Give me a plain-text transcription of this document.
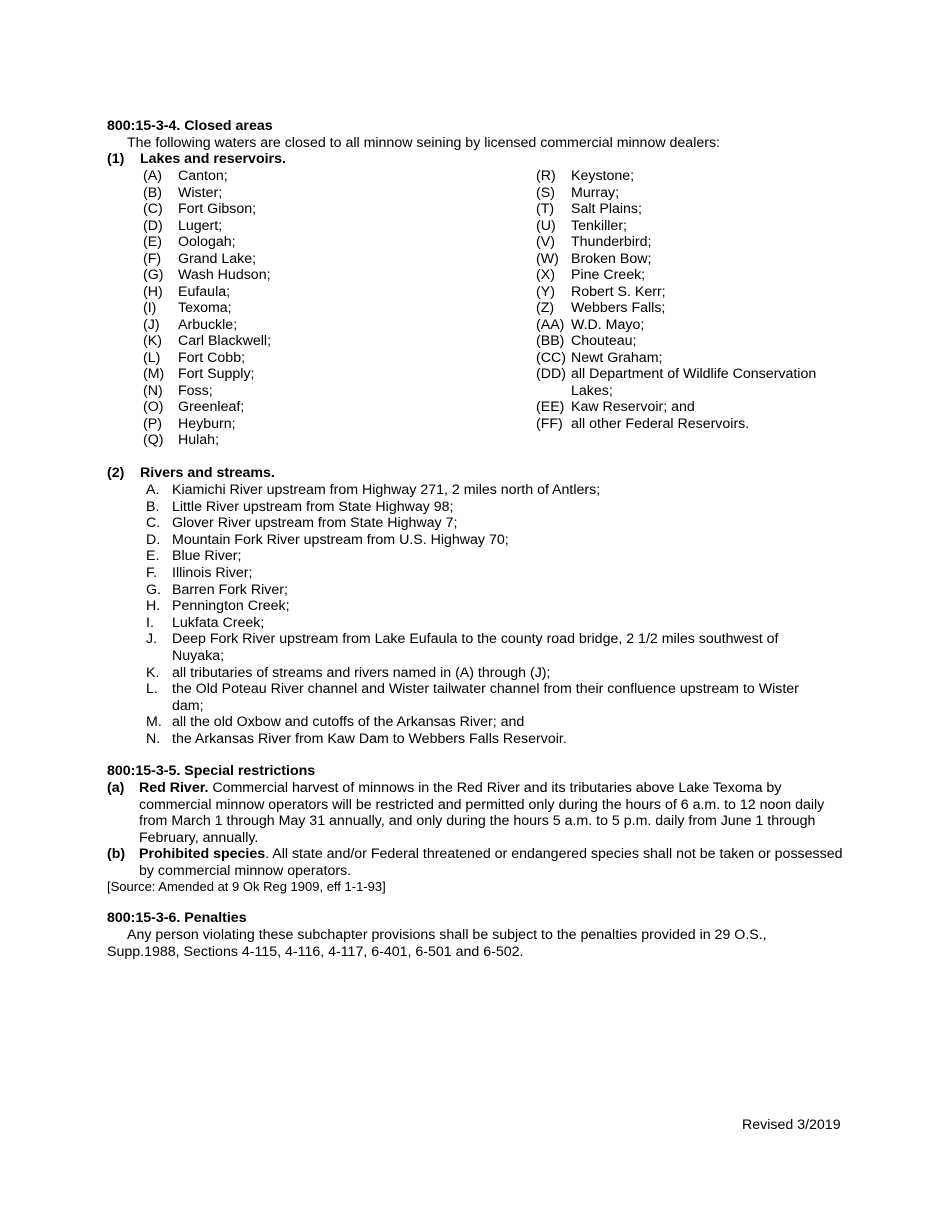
800:15-3-4. Closed areas
The following waters are closed to all minnow seining by licensed commercial minnow dealers:
(1) Lakes and reservoirs.
(A) Canton;
(B) Wister;
(C) Fort Gibson;
(D) Lugert;
(E) Oologah;
(F) Grand Lake;
(G) Wash Hudson;
(H) Eufaula;
(I) Texoma;
(J) Arbuckle;
(K) Carl Blackwell;
(L) Fort Cobb;
(M) Fort Supply;
(N) Foss;
(O) Greenleaf;
(P) Heyburn;
(Q) Hulah;
(R) Keystone;
(S) Murray;
(T) Salt Plains;
(U) Tenkiller;
(V) Thunderbird;
(W) Broken Bow;
(X) Pine Creek;
(Y) Robert S. Kerr;
(Z) Webbers Falls;
(AA) W.D. Mayo;
(BB) Chouteau;
(CC) Newt Graham;
(DD) all Department of Wildlife Conservation Lakes;
(EE) Kaw Reservoir; and
(FF) all other Federal Reservoirs.
(2) Rivers and streams.
A. Kiamichi River upstream from Highway 271, 2 miles north of Antlers;
B. Little River upstream from State Highway 98;
C. Glover River upstream from State Highway 7;
D. Mountain Fork River upstream from U.S. Highway 70;
E. Blue River;
F. Illinois River;
G. Barren Fork River;
H. Pennington Creek;
I. Lukfata Creek;
J. Deep Fork River upstream from Lake Eufaula to the county road bridge, 2 1/2 miles southwest of Nuyaka;
K. all tributaries of streams and rivers named in (A) through (J);
L. the Old Poteau River channel and Wister tailwater channel from their confluence upstream to Wister dam;
M. all the old Oxbow and cutoffs of the Arkansas River; and
N. the Arkansas River from Kaw Dam to Webbers Falls Reservoir.
800:15-3-5. Special restrictions
(a) Red River. Commercial harvest of minnows in the Red River and its tributaries above Lake Texoma by commercial minnow operators will be restricted and permitted only during the hours of 6 a.m. to 12 noon daily from March 1 through May 31 annually, and only during the hours 5 a.m. to 5 p.m. daily from June 1 through February, annually.
(b) Prohibited species. All state and/or Federal threatened or endangered species shall not be taken or possessed by commercial minnow operators.
[Source: Amended at 9 Ok Reg 1909, eff 1-1-93]
800:15-3-6. Penalties
Any person violating these subchapter provisions shall be subject to the penalties provided in 29 O.S., Supp.1988, Sections 4-115, 4-116, 4-117, 6-401, 6-501 and 6-502.
Revised 3/2019
